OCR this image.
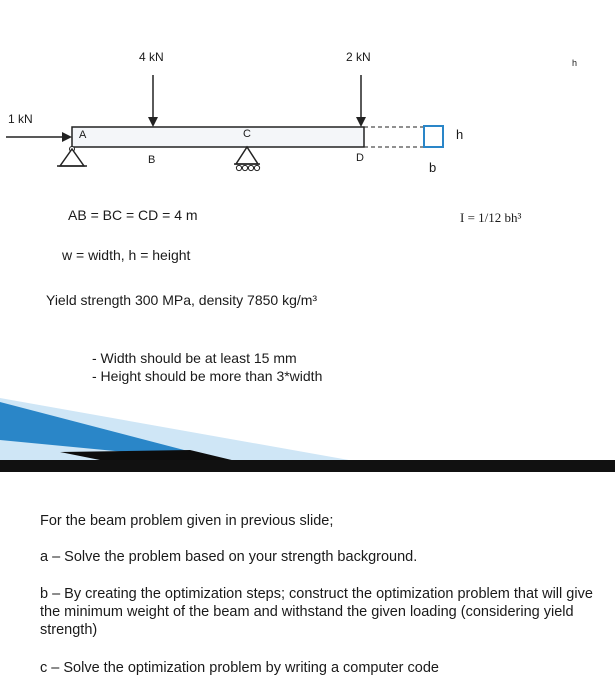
1 kN
4 kN	2 kN
A
B
C
D
h
b
h
I = 1/12 bh³
AB = BC = CD = 4 m
w = width, h = height
Yield strength 300 MPa, density 7850 kg/m³
- Width should be at least 15 mm
- Height should be more than 3*width
For the beam problem given in previous slide;
a – Solve the problem based on your strength background.
b – By creating the optimization steps; construct the optimization problem that will give the minimum weight of the beam and withstand the given loading (considering yield strength)
c – Solve the optimization problem by writing a computer code
